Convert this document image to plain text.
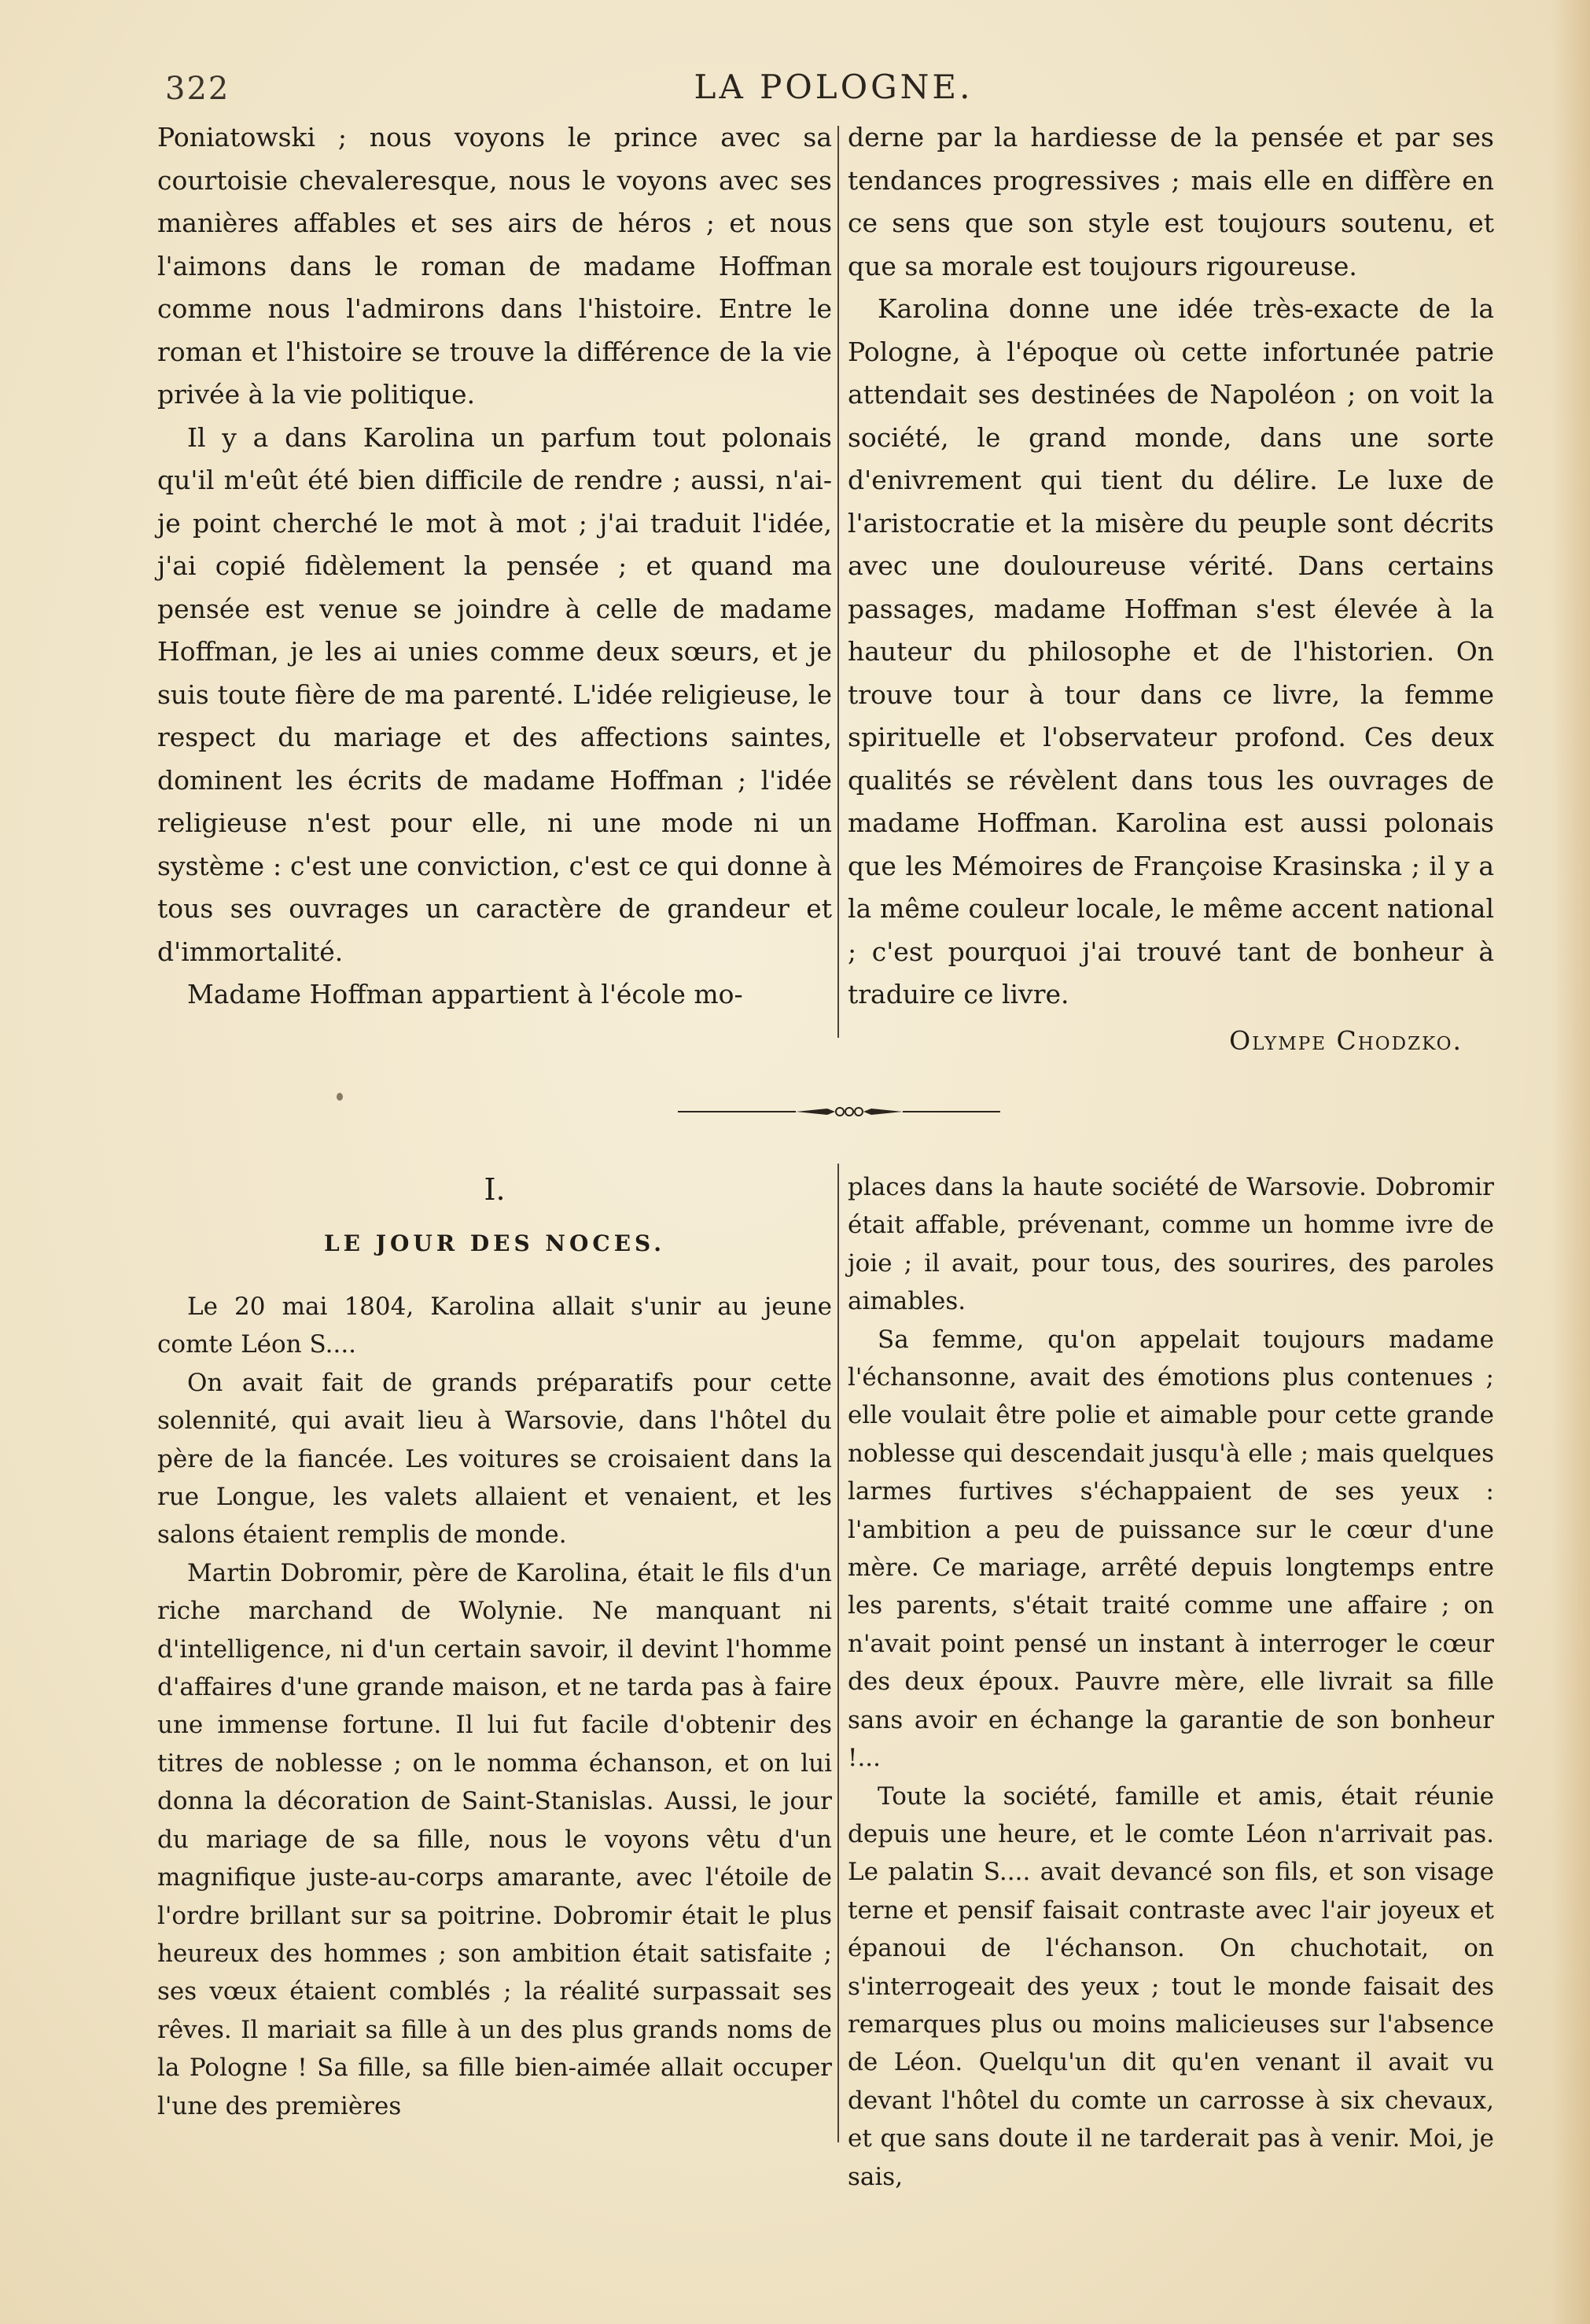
322	LA POLOGNE.

Poniatowski ; nous voyons le prince avec sa courtoisie chevaleresque, nous le voyons avec ses manières affables et ses airs de héros ; et nous l'aimons dans le roman de madame Hoffman comme nous l'admirons dans l'histoire. Entre le roman et l'histoire se trouve la différence de la vie privée à la vie politique.

Il y a dans Karolina un parfum tout polonais qu'il m'eût été bien difficile de rendre ; aussi, n'ai-je point cherché le mot à mot ; j'ai traduit l'idée, j'ai copié fidèlement la pensée ; et quand ma pensée est venue se joindre à celle de madame Hoffman, je les ai unies comme deux sœurs, et je suis toute fière de ma parenté. L'idée religieuse, le respect du mariage et des affections saintes, dominent les écrits de madame Hoffman ; l'idée religieuse n'est pour elle, ni une mode ni un système : c'est une conviction, c'est ce qui donne à tous ses ouvrages un caractère de grandeur et d'immortalité.

Madame Hoffman appartient à l'école mo-

derne par la hardiesse de la pensée et par ses tendances progressives ; mais elle en diffère en ce sens que son style est toujours soutenu, et que sa morale est toujours rigoureuse.

Karolina donne une idée très-exacte de la Pologne, à l'époque où cette infortunée patrie attendait ses destinées de Napoléon ; on voit la société, le grand monde, dans une sorte d'enivrement qui tient du délire. Le luxe de l'aristocratie et la misère du peuple sont décrits avec une douloureuse vérité. Dans certains passages, madame Hoffman s'est élevée à la hauteur du philosophe et de l'historien. On trouve tour à tour dans ce livre, la femme spirituelle et l'observateur profond. Ces deux qualités se révèlent dans tous les ouvrages de madame Hoffman. Karolina est aussi polonais que les Mémoires de Françoise Krasinska ; il y a la même couleur locale, le même accent national ; c'est pourquoi j'ai trouvé tant de bonheur à traduire ce livre.

Olympe Chodzko.
I.
LE JOUR DES NOCES.

Le 20 mai 1804, Karolina allait s'unir au jeune comte Léon S....

On avait fait de grands préparatifs pour cette solennité, qui avait lieu à Warsovie, dans l'hôtel du père de la fiancée. Les voitures se croisaient dans la rue Longue, les valets allaient et venaient, et les salons étaient remplis de monde.

Martin Dobromir, père de Karolina, était le fils d'un riche marchand de Wolynie. Ne manquant ni d'intelligence, ni d'un certain savoir, il devint l'homme d'affaires d'une grande maison, et ne tarda pas à faire une immense fortune. Il lui fut facile d'obtenir des titres de noblesse ; on le nomma échanson, et on lui donna la décoration de Saint-Stanislas. Aussi, le jour du mariage de sa fille, nous le voyons vêtu d'un magnifique juste-au-corps amarante, avec l'étoile de l'ordre brillant sur sa poitrine. Dobromir était le plus heureux des hommes ; son ambition était satisfaite ; ses vœux étaient comblés ; la réalité surpassait ses rêves. Il mariait sa fille à un des plus grands noms de la Pologne ! Sa fille, sa fille bien-aimée allait occuper l'une des premières

places dans la haute société de Warsovie. Dobromir était affable, prévenant, comme un homme ivre de joie ; il avait, pour tous, des sourires, des paroles aimables.

Sa femme, qu'on appelait toujours madame l'échansonne, avait des émotions plus contenues ; elle voulait être polie et aimable pour cette grande noblesse qui descendait jusqu'à elle ; mais quelques larmes furtives s'échappaient de ses yeux : l'ambition a peu de puissance sur le cœur d'une mère. Ce mariage, arrêté depuis longtemps entre les parents, s'était traité comme une affaire ; on n'avait point pensé un instant à interroger le cœur des deux époux. Pauvre mère, elle livrait sa fille sans avoir en échange la garantie de son bonheur !...

Toute la société, famille et amis, était réunie depuis une heure, et le comte Léon n'arrivait pas. Le palatin S.... avait devancé son fils, et son visage terne et pensif faisait contraste avec l'air joyeux et épanoui de l'échanson. On chuchotait, on s'interrogeait des yeux ; tout le monde faisait des remarques plus ou moins malicieuses sur l'absence de Léon. Quelqu'un dit qu'en venant il avait vu devant l'hôtel du comte un carrosse à six chevaux, et que sans doute il ne tarderait pas à venir. Moi, je sais,
